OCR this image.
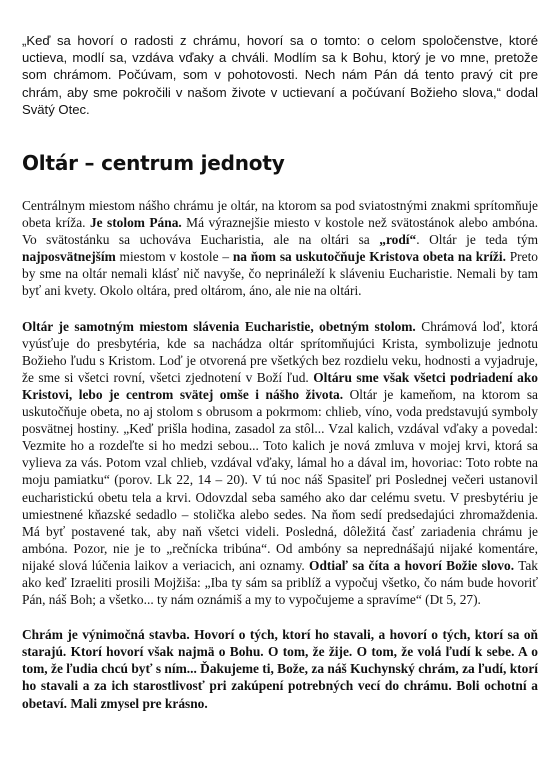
„Keď sa hovorí o radosti z chrámu, hovorí sa o tomto: o celom spoločenstve, ktoré uctieva, modlí sa, vzdáva vďaky a chváli. Modlím sa k Bohu, ktorý je vo mne, pretože som chrámom. Počúvam, som v pohotovosti. Nech nám Pán dá tento pravý cit pre chrám, aby sme pokročili v našom živote v uctievaní a počúvaní Božieho slova,“ dodal Svätý Otec.

Oltár – centrum jednoty

Centrálnym miestom nášho chrámu je oltár, na ktorom sa pod sviatostnými znakmi sprítomňuje obeta kríža. Je stolom Pána. Má výraznejšie miesto v kostole než svätostánok alebo ambóna. Vo svätostánku sa uchováva Eucharistia, ale na oltári sa „rodí“. Oltár je teda tým najposvätnejším miestom v kostole – na ňom sa uskutočňuje Kristova obeta na kríži. Preto by sme na oltár nemali klásť nič navyše, čo neprináleží k sláveniu Eucharistie. Nemali by tam byť ani kvety. Okolo oltára, pred oltárom, áno, ale nie na oltári.

Oltár je samotným miestom slávenia Eucharistie, obetným stolom. Chrámová loď, ktorá vyúsťuje do presbytéria, kde sa nachádza oltár sprítomňujúci Krista, symbolizuje jednotu Božieho ľudu s Kristom. Loď je otvorená pre všetkých bez rozdielu veku, hodnosti a vyjadruje, že sme si všetci rovní, všetci zjednotení v Boží ľud. Oltáru sme však všetci podriadení ako Kristovi, lebo je centrom svätej omše i nášho života. Oltár je kameňom, na ktorom sa uskutočňuje obeta, no aj stolom s obrusom a pokrmom: chlieb, víno, voda predstavujú symboly posvätnej hostiny. „Keď prišla hodina, zasadol za stôl... Vzal kalich, vzdával vďaky a povedal: Vezmite ho a rozdeľte si ho medzi sebou... Toto kalich je nová zmluva v mojej krvi, ktorá sa vylieva za vás. Potom vzal chlieb, vzdával vďaky, lámal ho a dával im, hovoriac: Toto robte na moju pamiatku“ (porov. Lk 22, 14 – 20). V tú noc náš Spasiteľ pri Poslednej večeri ustanovil eucharistickú obetu tela a krvi. Odovzdal seba samého ako dar celému svetu. V presbytériu je umiestnené kňazské sedadlo – stolička alebo sedes. Na ňom sedí predsedajúci zhromaždenia. Má byť postavené tak, aby naň všetci videli. Posledná, dôležitá časť zariadenia chrámu je ambóna. Pozor, nie je to „rečnícka tribúna“. Od ambóny sa neprednášajú nijaké komentáre, nijaké slová lúčenia laikov a veriacich, ani oznamy. Odtiaľ sa číta a hovorí Božie slovo. Tak ako keď Izraeliti prosili Mojžiša: „Iba ty sám sa priblíž a vypočuj všetko, čo nám bude hovoriť Pán, náš Boh; a všetko... ty nám oznámiš a my to vypočujeme a spravíme“ (Dt 5, 27).

Chrám je výnimočná stavba. Hovorí o tých, ktorí ho stavali, a hovorí o tých, ktorí sa oň starajú. Ktorí hovorí však najmä o Bohu. O tom, že žije. O tom, že volá ľudí k sebe. A o tom, že ľudia chcú byť s ním... Ďakujeme ti, Bože, za náš Kuchynský chrám, za ľudí, ktorí ho stavali a za ich starostlivosť pri zakúpení potrebných vecí do chrámu. Boli ochotní a obetaví. Mali zmysel pre krásno.
